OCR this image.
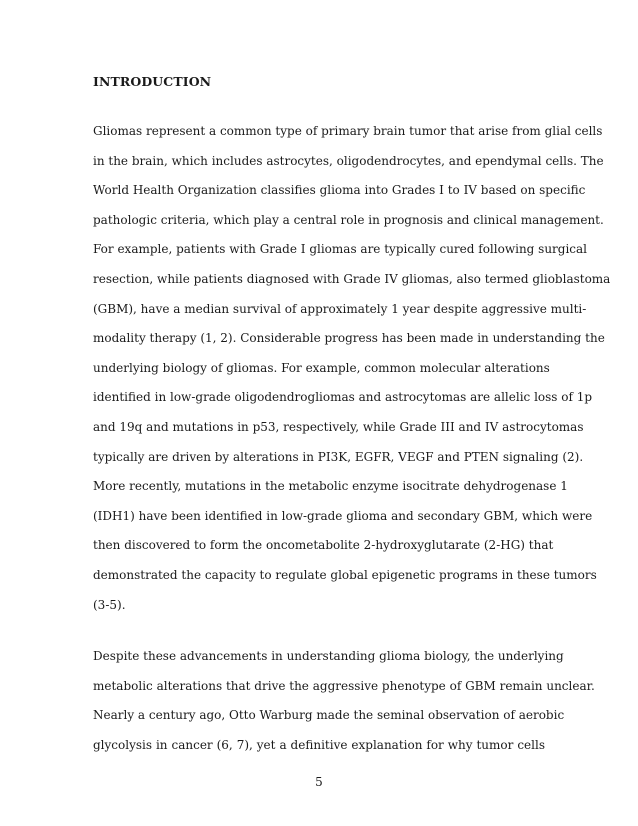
INTRODUCTION

Gliomas represent a common type of primary brain tumor that arise from glial cells
in the brain, which includes astrocytes, oligodendrocytes, and ependymal cells. The
World Health Organization classifies glioma into Grades I to IV based on specific
pathologic criteria, which play a central role in prognosis and clinical management.
For example, patients with Grade I gliomas are typically cured following surgical
resection, while patients diagnosed with Grade IV gliomas, also termed glioblastoma
(GBM), have a median survival of approximately 1 year despite aggressive multi-
modality therapy (1, 2). Considerable progress has been made in understanding the
underlying biology of gliomas. For example, common molecular alterations
identified in low-grade oligodendrogliomas and astrocytomas are allelic loss of 1p
and 19q and mutations in p53, respectively, while Grade III and IV astrocytomas
typically are driven by alterations in PI3K, EGFR, VEGF and PTEN signaling (2).
More recently, mutations in the metabolic enzyme isocitrate dehydrogenase 1
(IDH1) have been identified in low-grade glioma and secondary GBM, which were
then discovered to form the oncometabolite 2-hydroxyglutarate (2-HG) that
demonstrated the capacity to regulate global epigenetic programs in these tumors
(3-5).

Despite these advancements in understanding glioma biology, the underlying
metabolic alterations that drive the aggressive phenotype of GBM remain unclear.
Nearly a century ago, Otto Warburg made the seminal observation of aerobic
glycolysis in cancer (6, 7), yet a definitive explanation for why tumor cells

5
